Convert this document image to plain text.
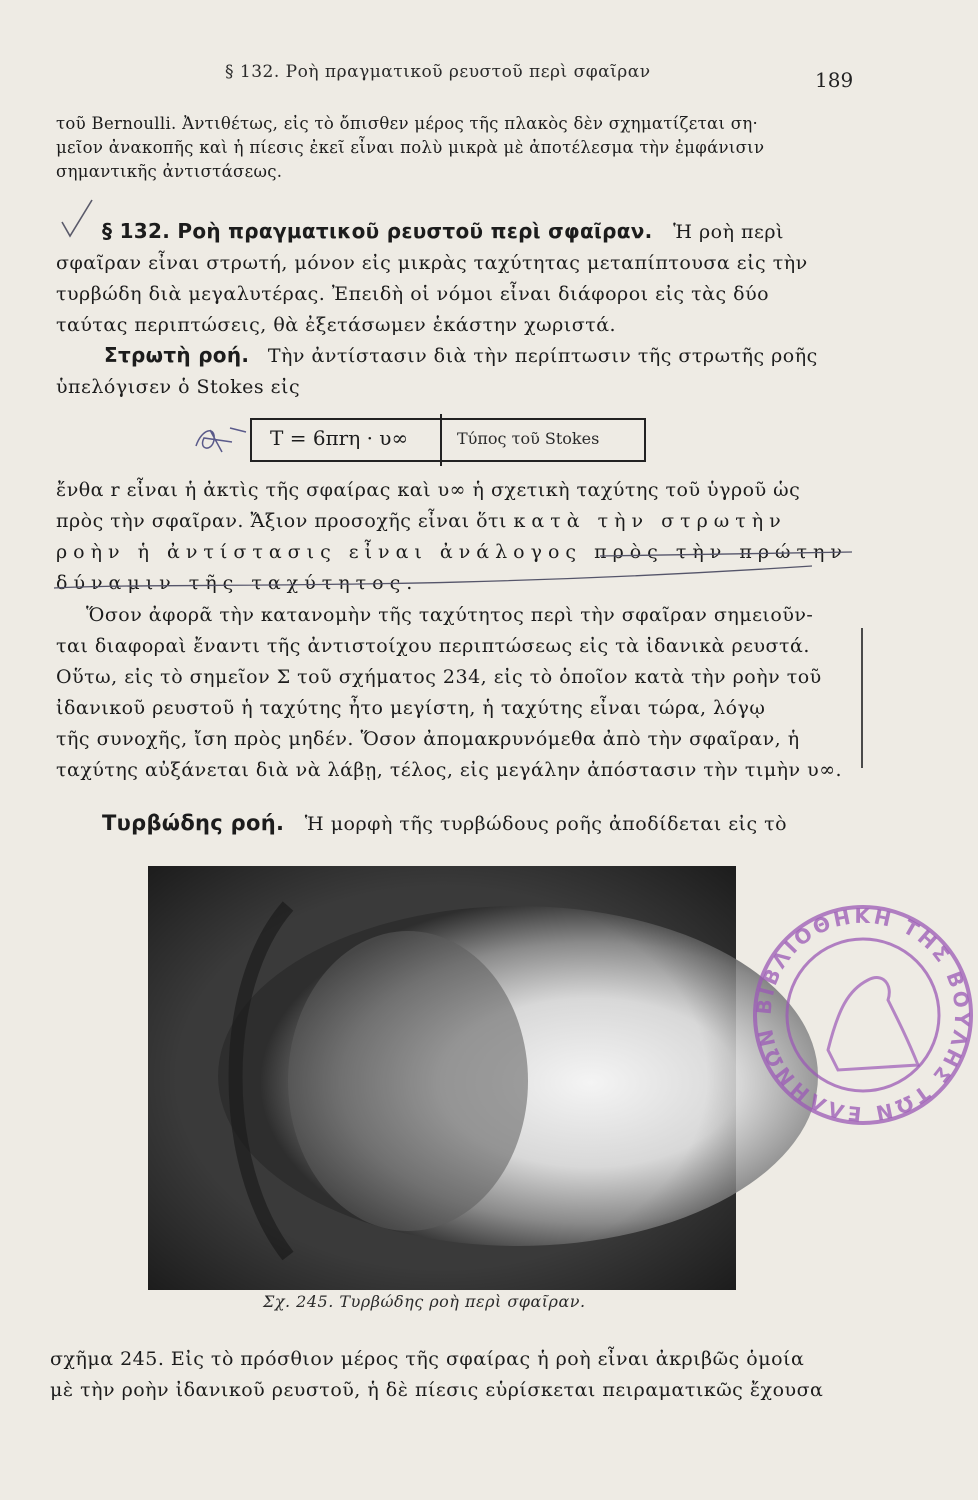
§ 132. Ροὴ πραγματικοῦ ρευστοῦ περὶ σφαῖραν	189
τοῦ Bernoulli. Ἀντιθέτως, εἰς τὸ ὄπισθεν μέρος τῆς πλακὸς δὲν σχηματίζεται ση·
μεῖον ἀνακοπῆς καὶ ἡ πίεσις ἐκεῖ εἶναι πολὺ μικρὰ μὲ ἀποτέλεσμα τὴν ἐμφάνισιν
σημαντικῆς ἀντιστάσεως.
§ 132. Ροὴ πραγματικοῦ ρευστοῦ περὶ σφαῖραν. Ἡ ροὴ περὶ
σφαῖραν εἶναι στρωτή, μόνον εἰς μικρὰς ταχύτητας μεταπίπτουσα εἰς τὴν
τυρβώδη διὰ μεγαλυτέρας. Ἐπειδὴ οἱ νόμοι εἶναι διάφοροι εἰς τὰς δύο
ταύτας περιπτώσεις, θὰ ἐξετάσωμεν ἑκάστην χωριστά.
Στρωτὴ ροή. Τὴν ἀντίστασιν διὰ τὴν περίπτωσιν τῆς στρωτῆς ροῆς
ὑπελόγισεν ὁ Stokes εἰς
T = 6πrη · υ∞	Τύπος τοῦ Stokes
ἔνθα r εἶναι ἡ ἀκτὶς τῆς σφαίρας καὶ υ∞ ἡ σχετικὴ ταχύτης τοῦ ὑγροῦ ὡς
πρὸς τὴν σφαῖραν. Ἄξιον προσοχῆς εἶναι ὅτι κατὰ τὴν στρωτὴν
ροὴν ἡ ἀντίστασις εἶναι ἀνάλογος πρὸς τὴν πρώτην
δύναμιν τῆς ταχύτητος.
Ὅσον ἀφορᾶ τὴν κατανομὴν τῆς ταχύτητος περὶ τὴν σφαῖραν σημειοῦν-
ται διαφοραὶ ἔναντι τῆς ἀντιστοίχου περιπτώσεως εἰς τὰ ἰδανικὰ ρευστά.
Οὕτω, εἰς τὸ σημεῖον Σ τοῦ σχήματος 234, εἰς τὸ ὁποῖον κατὰ τὴν ροὴν τοῦ
ἰδανικοῦ ρευστοῦ ἡ ταχύτης ἦτο μεγίστη, ἡ ταχύτης εἶναι τώρα, λόγῳ
τῆς συνοχῆς, ἴση πρὸς μηδέν. Ὅσον ἀπομακρυνόμεθα ἀπὸ τὴν σφαῖραν, ἡ
ταχύτης αὐξάνεται διὰ νὰ λάβῃ, τέλος, εἰς μεγάλην ἀπόστασιν τὴν τιμὴν υ∞.
Τυρβώδης ροή. Ἡ μορφὴ τῆς τυρβώδους ροῆς ἀποδίδεται εἰς τὸ
Σχ. 245. Τυρβώδης ροὴ περὶ σφαῖραν.
ΒΙΒΛΙΟΘΗΚΗ ΤΗΣ ΒΟΥΛΗΣ ΤΩΝ ΕΛΛΗΝΩΝ
σχῆμα 245. Εἰς τὸ πρόσθιον μέρος τῆς σφαίρας ἡ ροὴ εἶναι ἀκριβῶς ὁμοία
μὲ τὴν ροὴν ἰδανικοῦ ρευστοῦ, ἡ δὲ πίεσις εὑρίσκεται πειραματικῶς ἔχουσα
